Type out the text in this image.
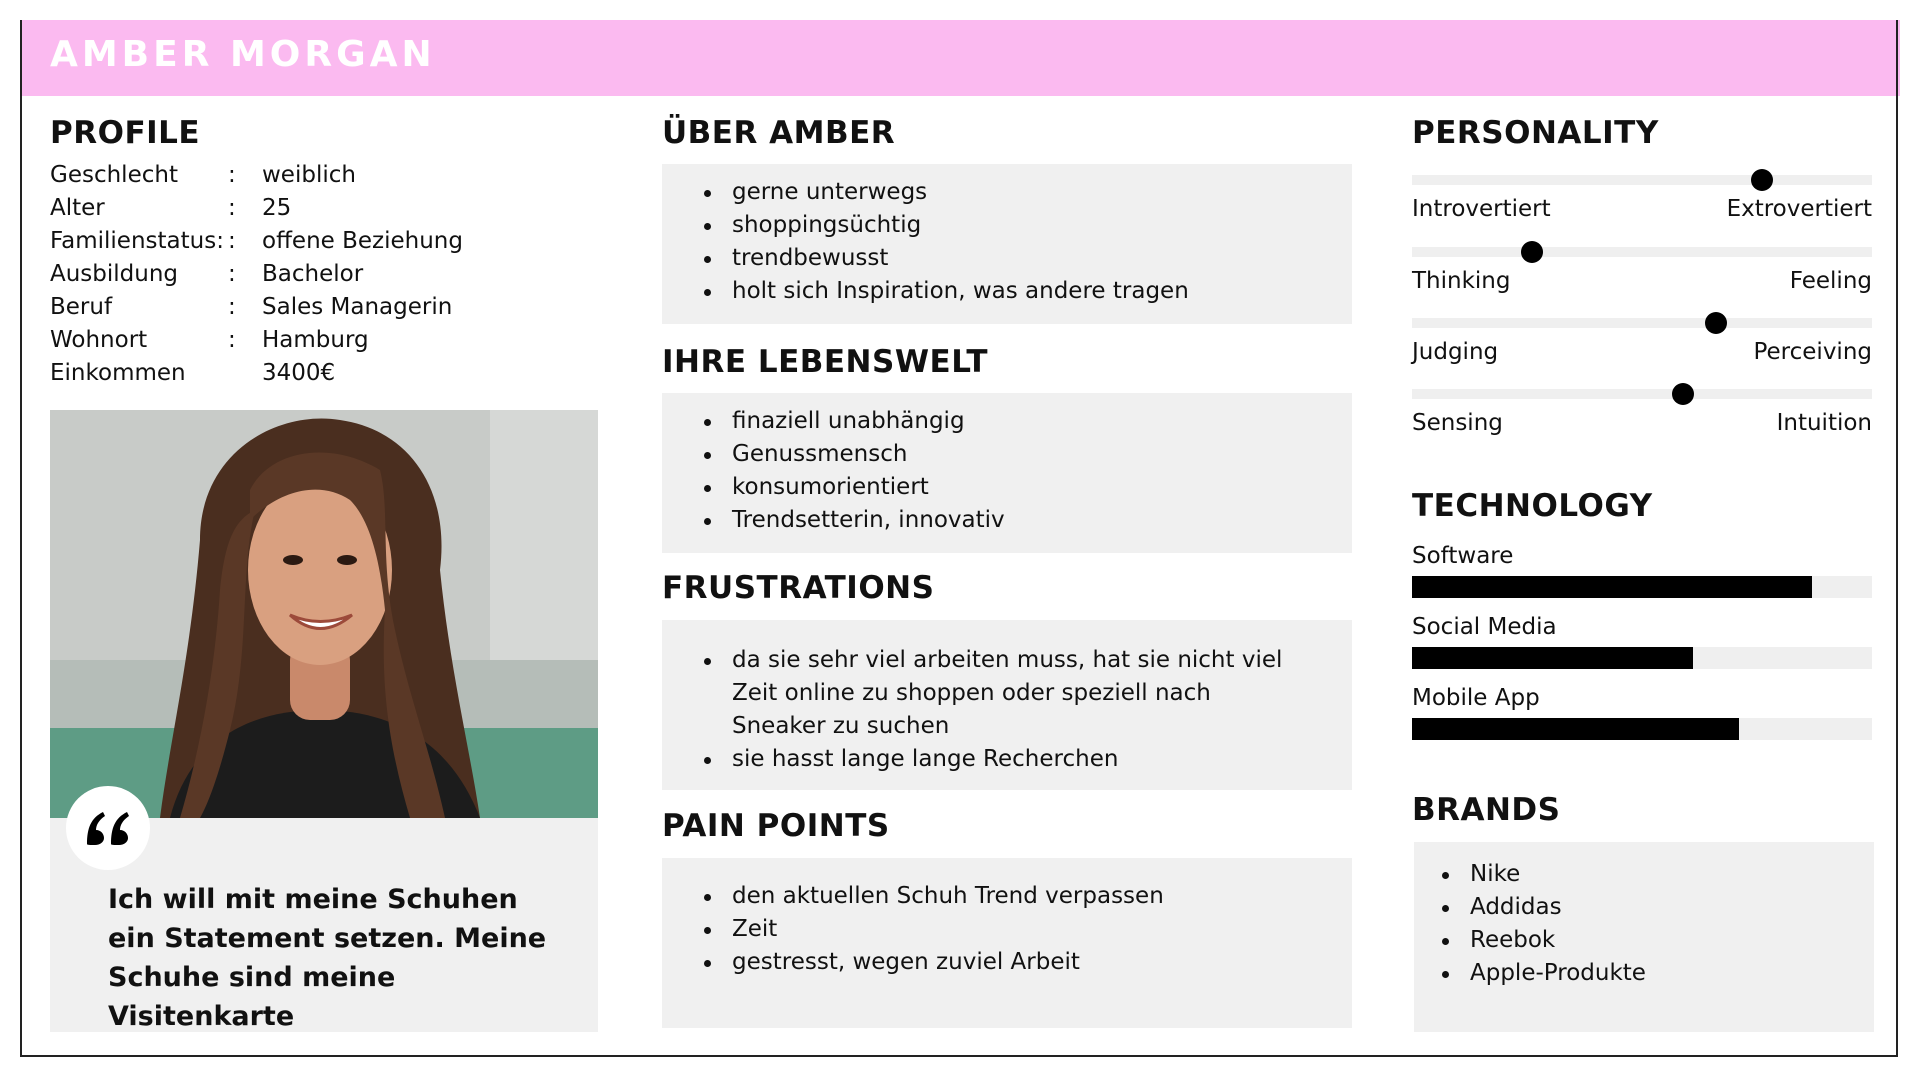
AMBER MORGAN
PROFILE
Geschlecht : weiblich
Alter	: 25
Familienstatus: : offene Beziehung
Ausbildung : Bachelor
Beruf	: Sales Managerin
Wohnort	: Hamburg
Einkommen	3400€
Ich will mit meine Schuhen ein Statement setzen. Meine Schuhe sind meine Visitenkarte
ÜBER AMBER
gerne unterwegs
shoppingsüchtig
trendbewusst
holt sich Inspiration, was andere tragen
IHRE LEBENSWELT
finaziell unabhängig
Genussmensch
konsumorientiert
Trendsetterin, innovativ
FRUSTRATIONS
da sie sehr viel arbeiten muss, hat sie nicht viel Zeit online zu shoppen oder speziell nach Sneaker zu suchen
sie hasst lange lange Recherchen
PAIN POINTS
den aktuellen Schuh Trend verpassen
Zeit
gestresst, wegen zuviel Arbeit
PERSONALITY
Introvertiert	Extrovertiert
Thinking	Feeling
Judging	Perceiving
Sensing	Intuition
TECHNOLOGY
Software
Social Media
Mobile App
BRANDS
Nike
Addidas
Reebok
Apple-Produkte
